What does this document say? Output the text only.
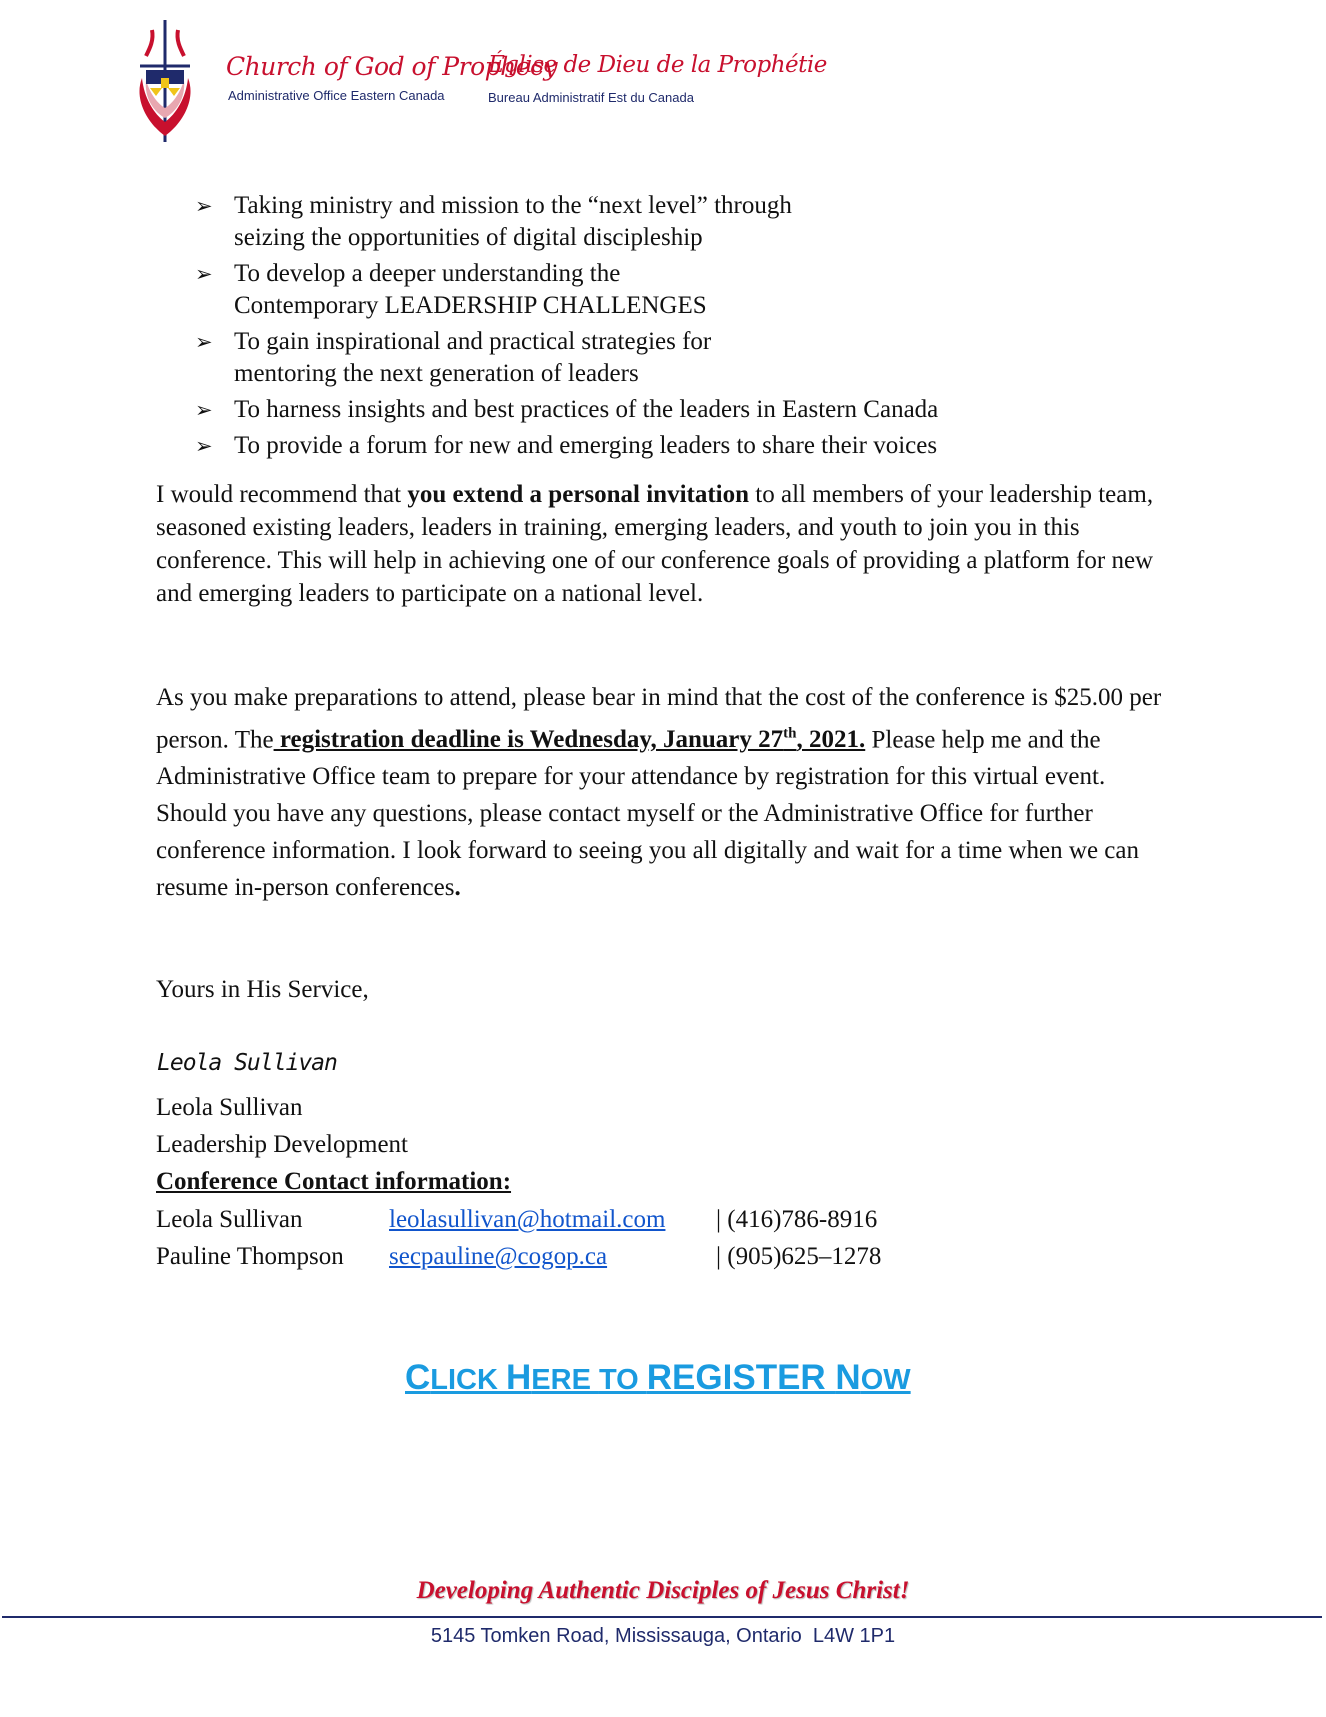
Church of God of Prophecy
Église de Dieu de la Prophétie
Administrative Office Eastern Canada	Bureau Administratif Est du Canada
➢ Taking ministry and mission to the “next level” through
seizing the opportunities of digital discipleship
➢ To develop a deeper understanding the
Contemporary LEADERSHIP CHALLENGES
➢ To gain inspirational and practical strategies for
mentoring the next generation of leaders
➢ To harness insights and best practices of the leaders in Eastern Canada
➢ To provide a forum for new and emerging leaders to share their voices

I would recommend that you extend a personal invitation to all members of your leadership team, seasoned existing leaders, leaders in training, emerging leaders, and youth to join you in this conference. This will help in achieving one of our conference goals of providing a platform for new and emerging leaders to participate on a national level.

As you make preparations to attend, please bear in mind that the cost of the conference is $25.00 per person. The registration deadline is Wednesday, January 27th, 2021. Please help me and the Administrative Office team to prepare for your attendance by registration for this virtual event. Should you have any questions, please contact myself or the Administrative Office for further conference information. I look forward to seeing you all digitally and wait for a time when we can resume in-person conferences.

Yours in His Service,
Leola Sullivan
Leola Sullivan
Leadership Development
Conference Contact information:
Leola Sullivan	leolasullivan@hotmail.com | (416)786-8916
Pauline Thompson secpauline@cogop.ca	| (905)625–1278
CLICK HERE TO REGISTER NOW
Developing Authentic Disciples of Jesus Christ!
5145 Tomken Road, Mississauga, Ontario  L4W 1P1
